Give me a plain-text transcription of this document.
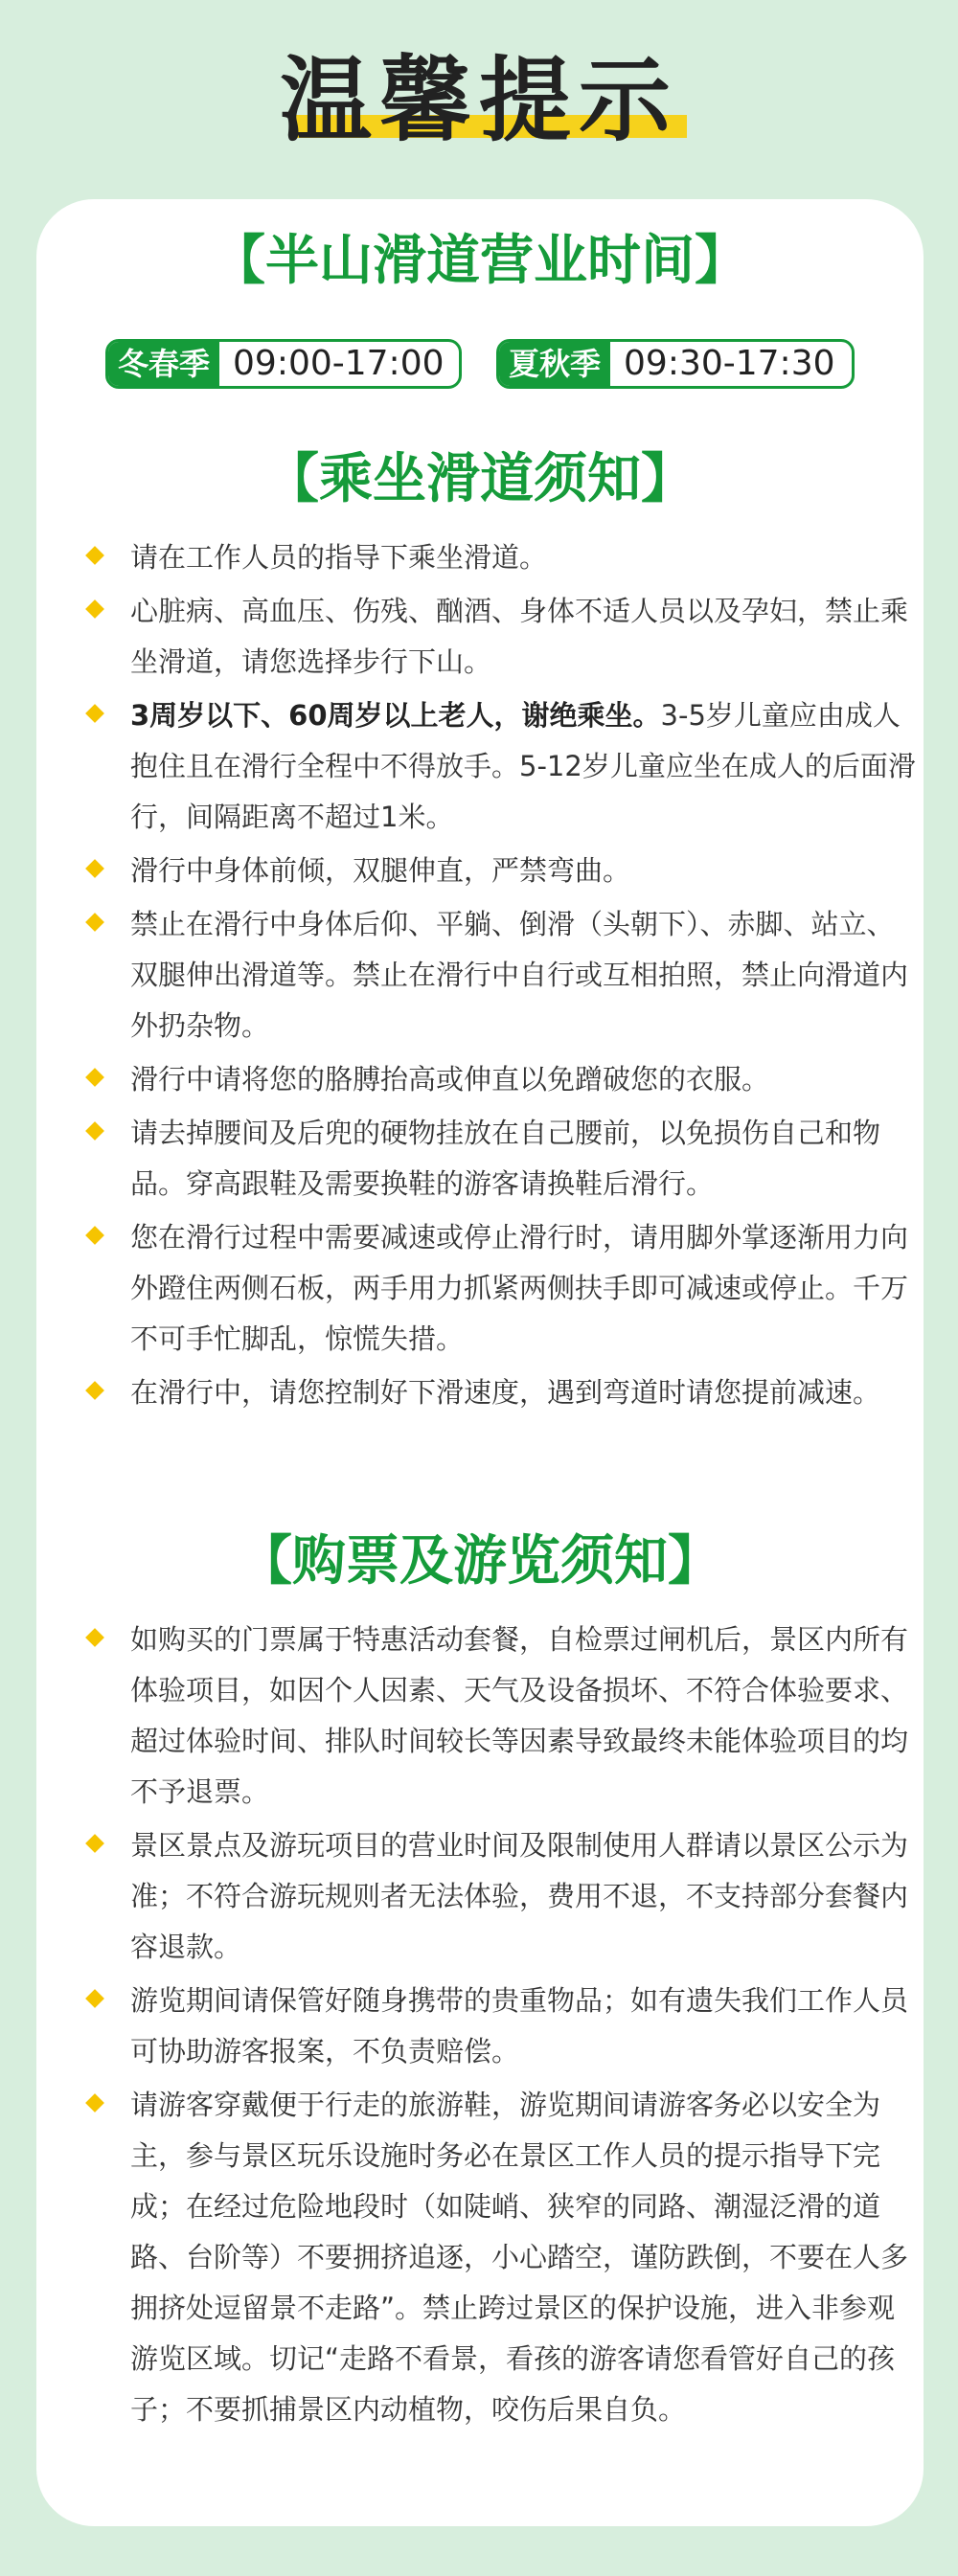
温馨提示
【半山滑道营业时间】
冬春季 09:00-17:00	夏秋季 09:30-17:30
【乘坐滑道须知】
请在工作人员的指导下乘坐滑道。
心脏病、高血压、伤残、酗酒、身体不适人员以及孕妇，禁止乘坐滑道，请您选择步行下山。
3周岁以下、60周岁以上老人，谢绝乘坐。3-5岁儿童应由成人抱住且在滑行全程中不得放手。5-12岁儿童应坐在成人的后面滑行，间隔距离不超过1米。
滑行中身体前倾，双腿伸直，严禁弯曲。
禁止在滑行中身体后仰、平躺、倒滑（头朝下）、赤脚、站立、双腿伸出滑道等。禁止在滑行中自行或互相拍照，禁止向滑道内外扔杂物。
滑行中请将您的胳膊抬高或伸直以免蹭破您的衣服。
请去掉腰间及后兜的硬物挂放在自己腰前，以免损伤自己和物品。穿高跟鞋及需要换鞋的游客请换鞋后滑行。
您在滑行过程中需要减速或停止滑行时，请用脚外掌逐渐用力向外蹬住两侧石板，两手用力抓紧两侧扶手即可减速或停止。千万不可手忙脚乱，惊慌失措。
在滑行中，请您控制好下滑速度，遇到弯道时请您提前减速。
【购票及游览须知】
如购买的门票属于特惠活动套餐，自检票过闸机后，景区内所有体验项目，如因个人因素、天气及设备损坏、不符合体验要求、超过体验时间、排队时间较长等因素导致最终未能体验项目的均不予退票。
景区景点及游玩项目的营业时间及限制使用人群请以景区公示为准；不符合游玩规则者无法体验，费用不退，不支持部分套餐内容退款。
游览期间请保管好随身携带的贵重物品；如有遗失我们工作人员可协助游客报案，不负责赔偿。
请游客穿戴便于行走的旅游鞋，游览期间请游客务必以安全为主，参与景区玩乐设施时务必在景区工作人员的提示指导下完成；在经过危险地段时（如陡峭、狭窄的同路、潮湿泛滑的道路、台阶等）不要拥挤追逐，小心踏空，谨防跌倒，不要在人多拥挤处逗留景不走路”。禁止跨过景区的保护设施，进入非参观游览区域。切记“走路不看景，看孩的游客请您看管好自己的孩子；不要抓捕景区内动植物，咬伤后果自负。
